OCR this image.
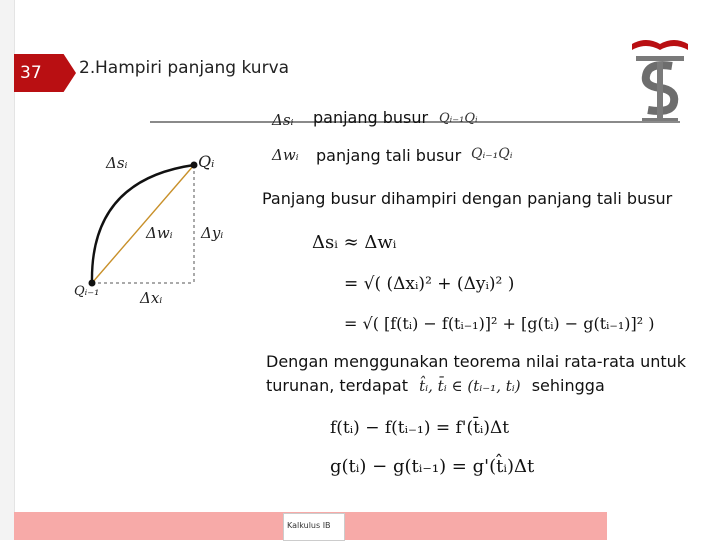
37 2. Hampiri panjang kurva
Δsᵢ panjang busur Qᵢ₋₁Qᵢ
Δwᵢ panjang tali busur Qᵢ₋₁Qᵢ
Δsᵢ	Qᵢ
Δwᵢ Δyᵢ
Qᵢ₋₁	Δxᵢ
Panjang busur dihampiri dengan panjang tali busur
Δsᵢ ≈ Δwᵢ
= √( (Δxᵢ)² + (Δyᵢ)² )
= √( [f(tᵢ) − f(tᵢ₋₁)]² + [g(tᵢ) − g(tᵢ₋₁)]² )
Dengan menggunakan teorema nilai rata-rata untuk
turunan, terdapat t̂ᵢ, t̄ᵢ ∈ (tᵢ₋₁, tᵢ) sehingga
f(tᵢ) − f(tᵢ₋₁) = f'(t̄ᵢ)Δt
g(tᵢ) − g(tᵢ₋₁) = g'(t̂ᵢ)Δt
Kalkulus IB
